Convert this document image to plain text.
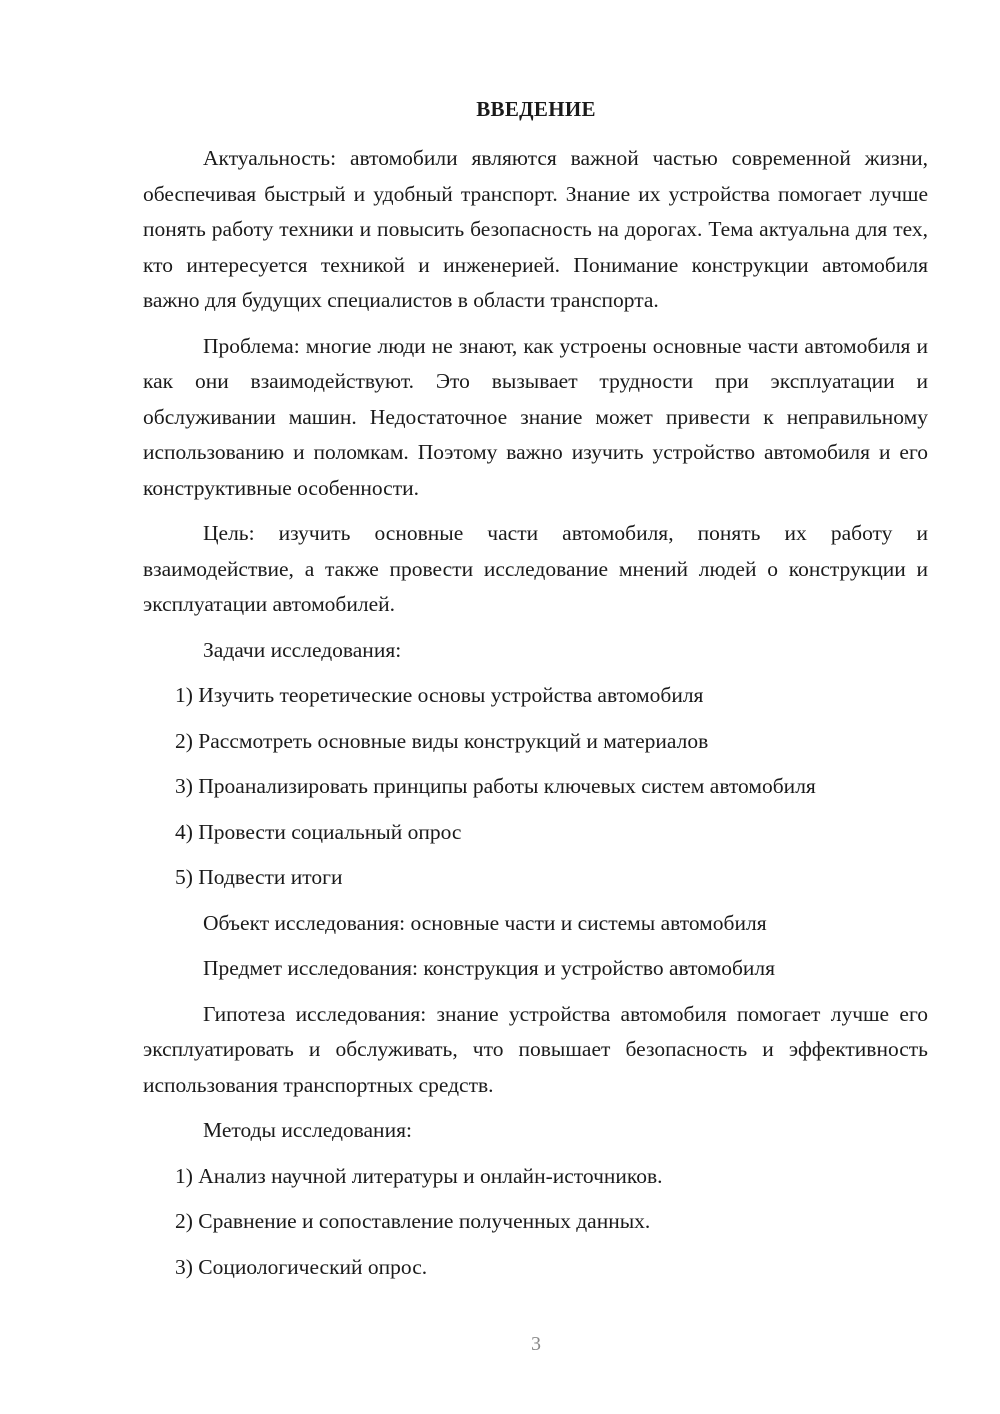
ВВЕДЕНИЕ

Актуальность: автомобили являются важной частью современной жизни, обеспечивая быстрый и удобный транспорт. Знание их устройства помогает лучше понять работу техники и повысить безопасность на дорогах. Тема актуальна для тех, кто интересуется техникой и инженерией. Понимание конструкции автомобиля важно для будущих специалистов в области транспорта.

Проблема: многие люди не знают, как устроены основные части автомобиля и как они взаимодействуют. Это вызывает трудности при эксплуатации и обслуживании машин. Недостаточное знание может привести к неправильному использованию и поломкам. Поэтому важно изучить устройство автомобиля и его конструктивные особенности.

Цель: изучить основные части автомобиля, понять их работу и взаимодействие, а также провести исследование мнений людей о конструкции и эксплуатации автомобилей.

Задачи исследования:

1) Изучить теоретические основы устройства автомобиля

2) Рассмотреть основные виды конструкций и материалов

3) Проанализировать принципы работы ключевых систем автомобиля

4) Провести социальный опрос

5) Подвести итоги

Объект исследования: основные части и системы автомобиля

Предмет исследования: конструкция и устройство автомобиля

Гипотеза исследования: знание устройства автомобиля помогает лучше его эксплуатировать и обслуживать, что повышает безопасность и эффективность использования транспортных средств.

Методы исследования:

1) Анализ научной литературы и онлайн-источников.

2) Сравнение и сопоставление полученных данных.

3) Социологический опрос.

3
